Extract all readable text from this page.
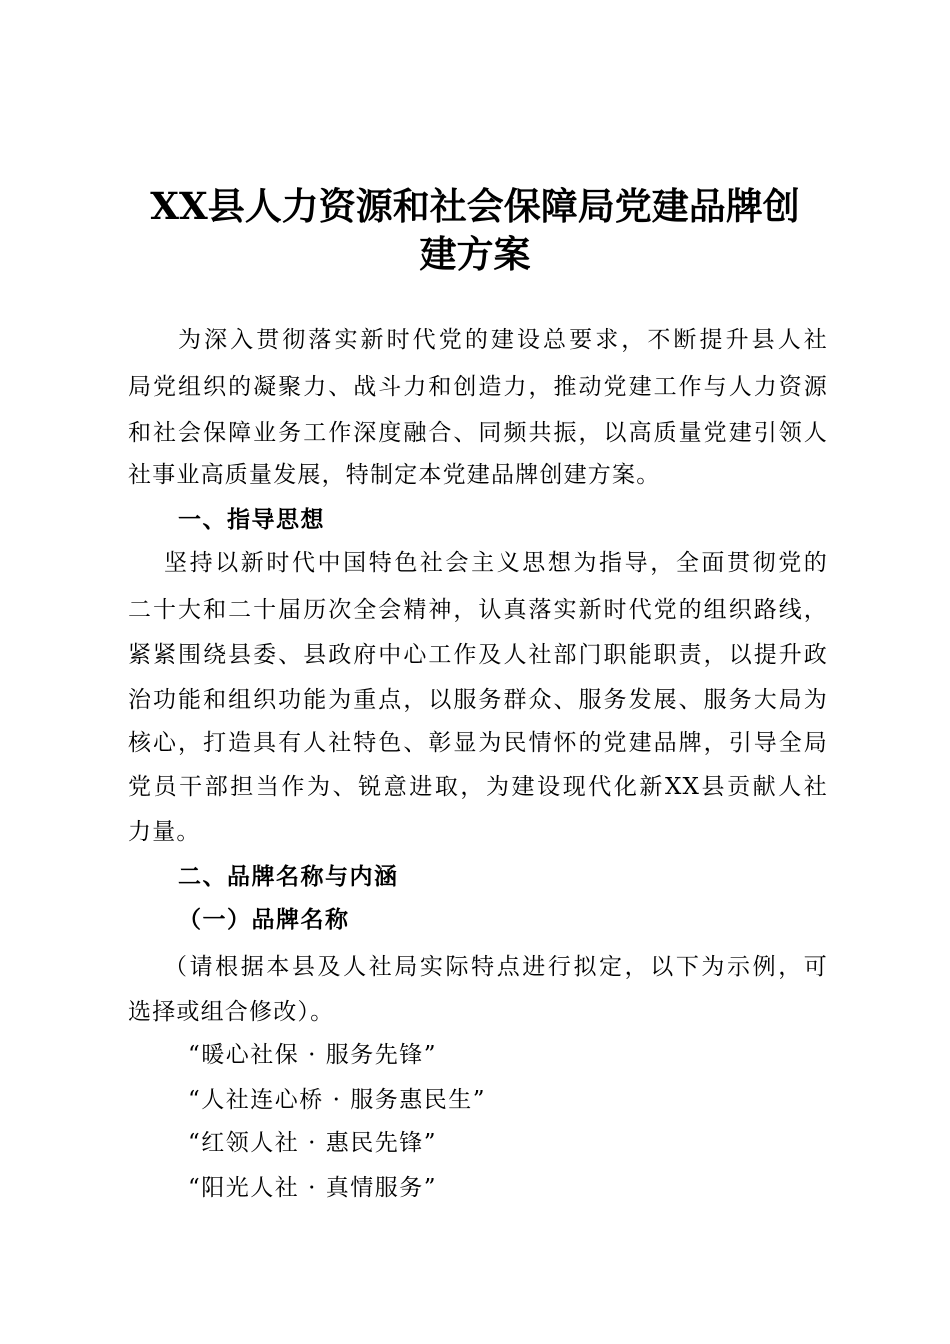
XX县人力资源和社会保障局党建品牌创
建方案
为深入贯彻落实新时代党的建设总要求，不断提升县人社
局党组织的凝聚力、战斗力和创造力，推动党建工作与人力资源
和社会保障业务工作深度融合、同频共振，以高质量党建引领人
社事业高质量发展，特制定本党建品牌创建方案。
一、指导思想
坚持以新时代中国特色社会主义思想为指导，全面贯彻党的
二十大和二十届历次全会精神，认真落实新时代党的组织路线，
紧紧围绕县委、县政府中心工作及人社部门职能职责，以提升政
治功能和组织功能为重点，以服务群众、服务发展、服务大局为
核心，打造具有人社特色、彰显为民情怀的党建品牌，引导全局
党员干部担当作为、锐意进取，为建设现代化新XX县贡献人社
力量。
二、品牌名称与内涵
（一）品牌名称
（请根据本县及人社局实际特点进行拟定，以下为示例，可
选择或组合修改）。
“暖心社保 · 服务先锋”
“人社连心桥 · 服务惠民生”
“红领人社 · 惠民先锋”
“阳光人社 · 真情服务”
